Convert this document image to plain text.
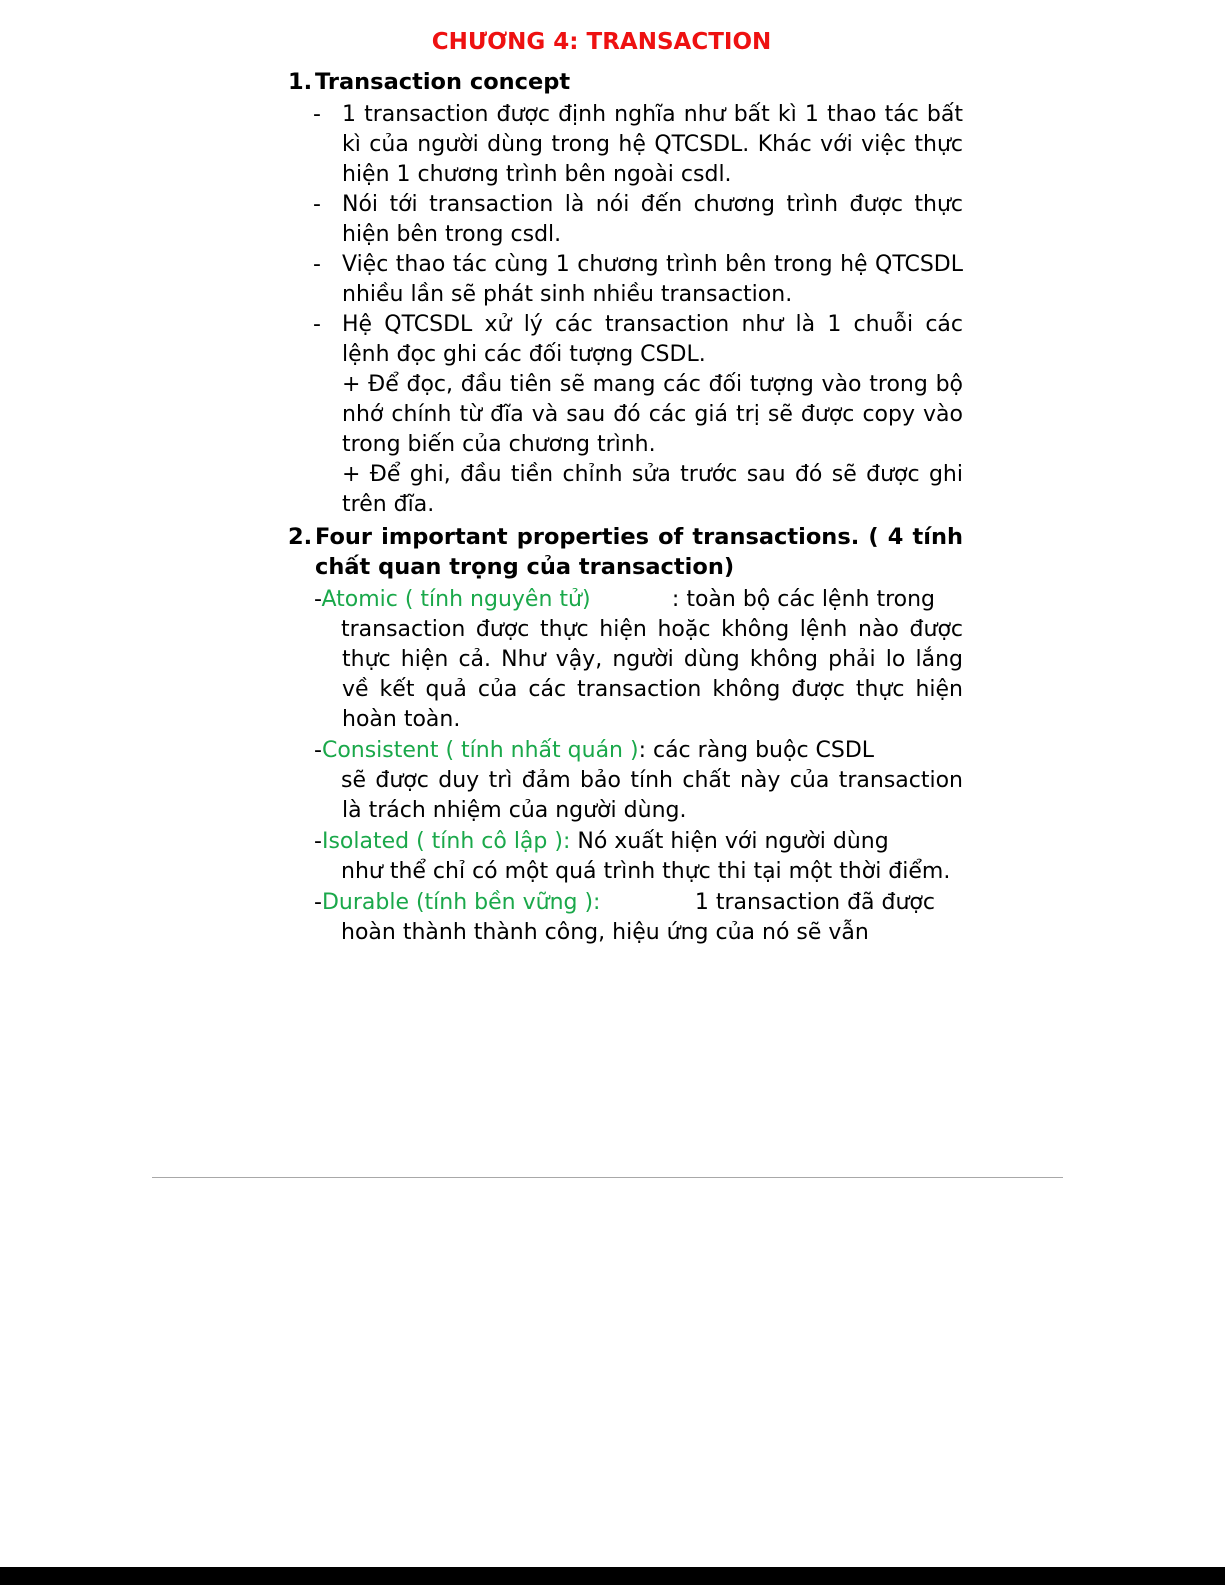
CHƯƠNG 4: TRANSACTION
1. Transaction concept
- 1 transaction được định nghĩa như bất kì 1 thao tác bất kì của người dùng trong hệ QTCSDL. Khác với việc thực hiện 1 chương trình bên ngoài csdl.
- Nói tới transaction là nói đến chương trình được thực hiện bên trong csdl.
- Việc thao tác cùng 1 chương trình bên trong hệ QTCSDL nhiều lần sẽ phát sinh nhiều transaction.
- Hệ QTCSDL xử lý các transaction như là 1 chuỗi các lệnh đọc ghi các đối tượng CSDL.
+ Để đọc, đầu tiên sẽ mang các đối tượng vào trong bộ nhớ chính từ đĩa và sau đó các giá trị sẽ được copy vào trong biến của chương trình.
+ Để ghi, đầu tiền chỉnh sửa trước sau đó sẽ được ghi trên đĩa.
2. Four important properties of transactions. ( 4 tính chất quan trọng của transaction)
-Atomic ( tính nguyên tử)	: toàn bộ các lệnh trong
transaction được thực hiện hoặc không lệnh nào được thực hiện cả. Như vậy, người dùng không phải lo lắng về kết quả của các transaction không được thực hiện hoàn toàn.
-Consistent ( tính nhất quán ): các ràng buộc CSDL
sẽ được duy trì đảm bảo tính chất này của transaction là trách nhiệm của người dùng.
-Isolated ( tính cô lập ): Nó xuất hiện với người dùng
như thể chỉ có một quá trình thực thi tại một thời điểm.
-Durable (tính bền vững ):	1 transaction đã được
hoàn thành thành công, hiệu ứng của nó sẽ vẫn
